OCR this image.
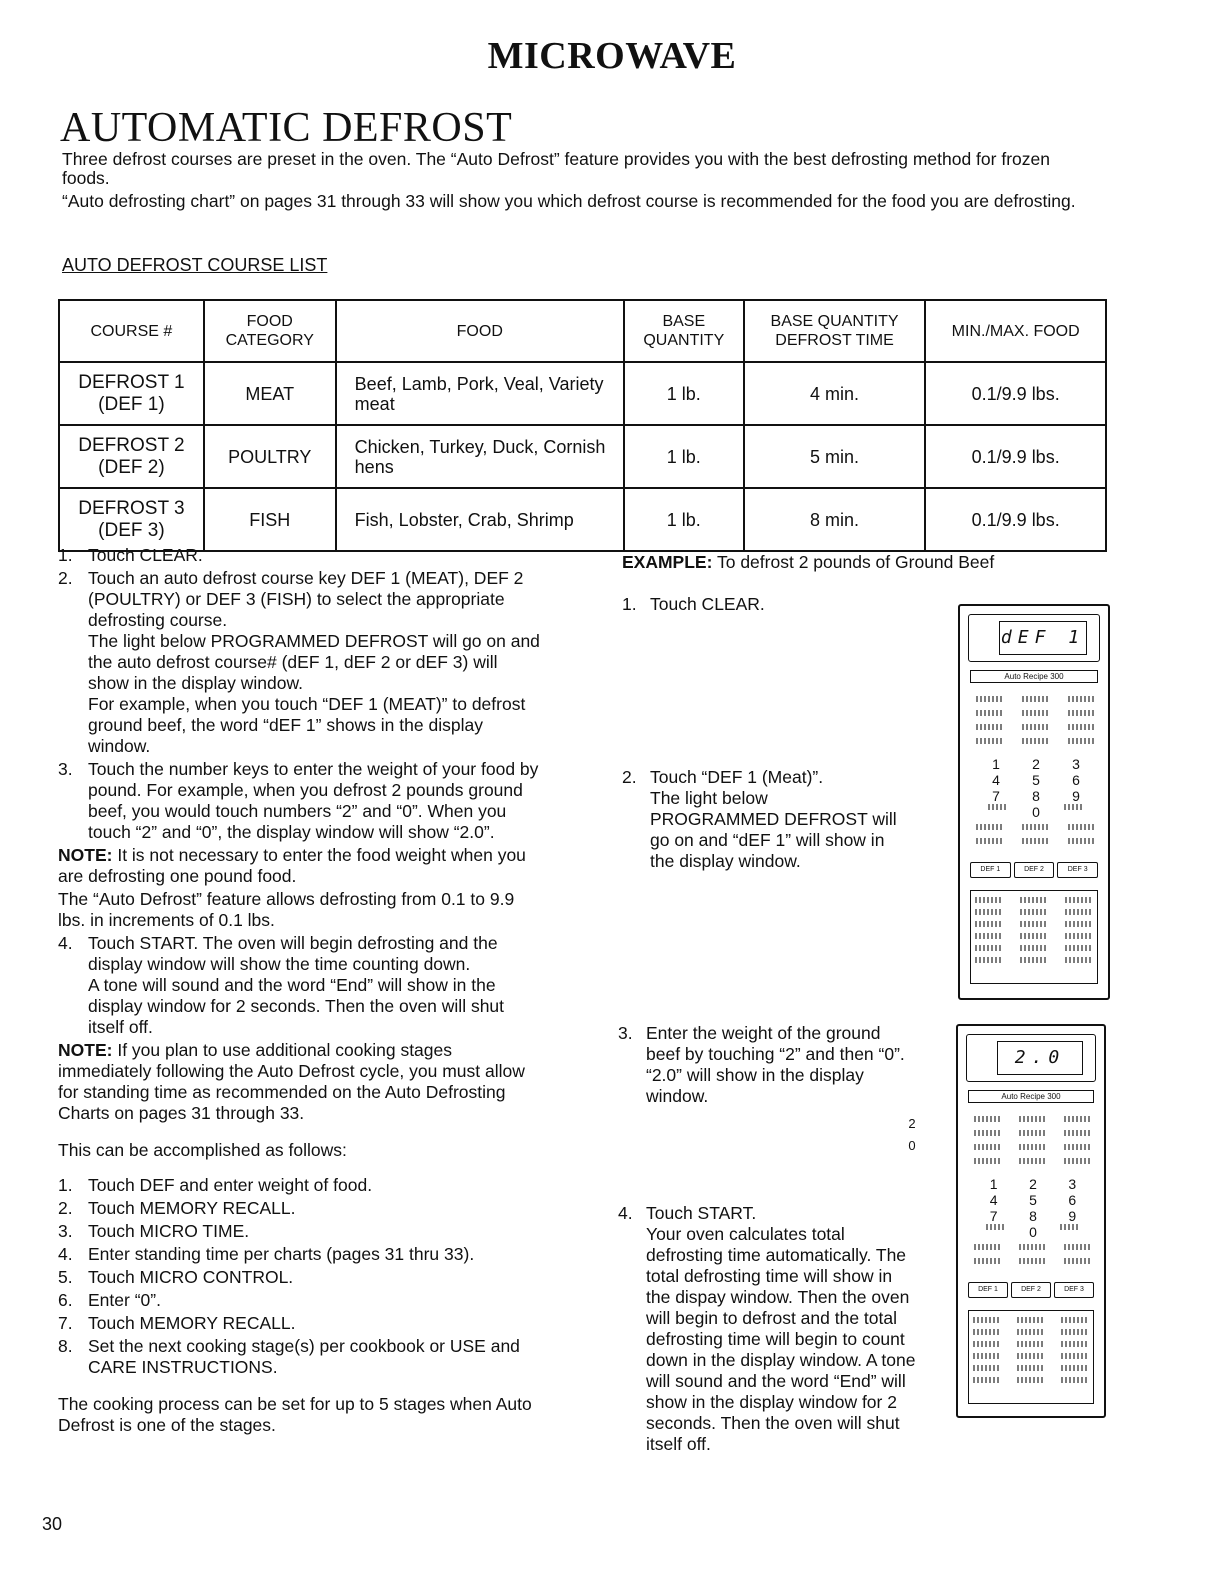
MICROWAVE
AUTOMATIC DEFROST

Three defrost courses are preset in the oven. The “Auto Defrost” feature provides you with the best defrosting method for frozen foods.

“Auto defrosting chart” on pages 31 through 33 will show you which defrost course is recommended for the food you are defrosting.

AUTO DEFROST COURSE LIST
COURSE #	FOOD CATEGORY	FOOD	BASE QUANTITY	BASE QUANTITY DEFROST TIME	MIN./MAX. FOOD

DEFROST 1
(DEF 1)	MEAT	Beef, Lamb, Pork, Veal, Variety meat	1 lb.	4 min.	0.1/9.9 lbs.

DEFROST 2
(DEF 2)	POULTRY	Chicken, Turkey, Duck, Cornish hens	1 lb.	5 min.	0.1/9.9 lbs.

DEFROST 3
(DEF 3)	FISH	Fish, Lobster, Crab, Shrimp	1 lb.	8 min.	0.1/9.9 lbs.
1. Touch CLEAR.
2. Touch an auto defrost course key DEF 1 (MEAT), DEF 2 (POULTRY) or DEF 3 (FISH) to select the appropriate defrosting course.

The light below PROGRAMMED DEFROST will go on and the auto defrost course# (dEF 1, dEF 2 or dEF 3) will show in the display window.

For example, when you touch “DEF 1 (MEAT)” to defrost ground beef, the word “dEF 1” shows in the display window.

3. Touch the number keys to enter the weight of your food by pound. For example, when you defrost 2 pounds ground beef, you would touch numbers “2” and “0”. When you touch “2” and “0”, the display window will show “2.0”.

NOTE: It is not necessary to enter the food weight when you are defrosting one pound food.

The “Auto Defrost” feature allows defrosting from 0.1 to 9.9 lbs. in increments of 0.1 lbs.

4. Touch START. The oven will begin defrosting and the display window will show the time counting down.

A tone will sound and the word “End” will show in the display window for 2 seconds. Then the oven will shut itself off.

NOTE: If you plan to use additional cooking stages immediately following the Auto Defrost cycle, you must allow for standing time as recommended on the Auto Defrosting Charts on pages 31 through 33.

This can be accomplished as follows:

1. Touch DEF and enter weight of food.
2. Touch MEMORY RECALL.
3. Touch MICRO TIME.
4. Enter standing time per charts (pages 31 thru 33).
5. Touch MICRO CONTROL.
6. Enter “0”.
7. Touch MEMORY RECALL.
8. Set the next cooking stage(s) per cookbook or USE and CARE INSTRUCTIONS.

The cooking process can be set for up to 5 stages when Auto Defrost is one of the stages.

EXAMPLE: To defrost 2 pounds of Ground Beef
1. Touch CLEAR.
2. Touch “DEF 1 (Meat)”.

The light below PROGRAMMED DEFROST will go on and “dEF 1” will show in the display window.

3. Enter the weight of the ground beef by touching “2” and then “0”.

“2.0” will show in the display window.

2
0
4. Touch START.

Your oven calculates total defrosting time automatically. The total defrosting time will show in the dispay window. Then the oven will begin to defrost and the total defrosting time will begin to count down in the display window. A tone will sound and the word “End” will show in the display window for 2 seconds. Then the oven will shut itself off.

dEF 1
Auto Recipe 300
1 2 3
4 5 6
7 8 9
0
DEF 1	DEF 2	DEF 3
2.0
Auto Recipe 300
1 2 3
4 5 6
7 8 9
0
DEF 1	DEF 2	DEF 3
30
